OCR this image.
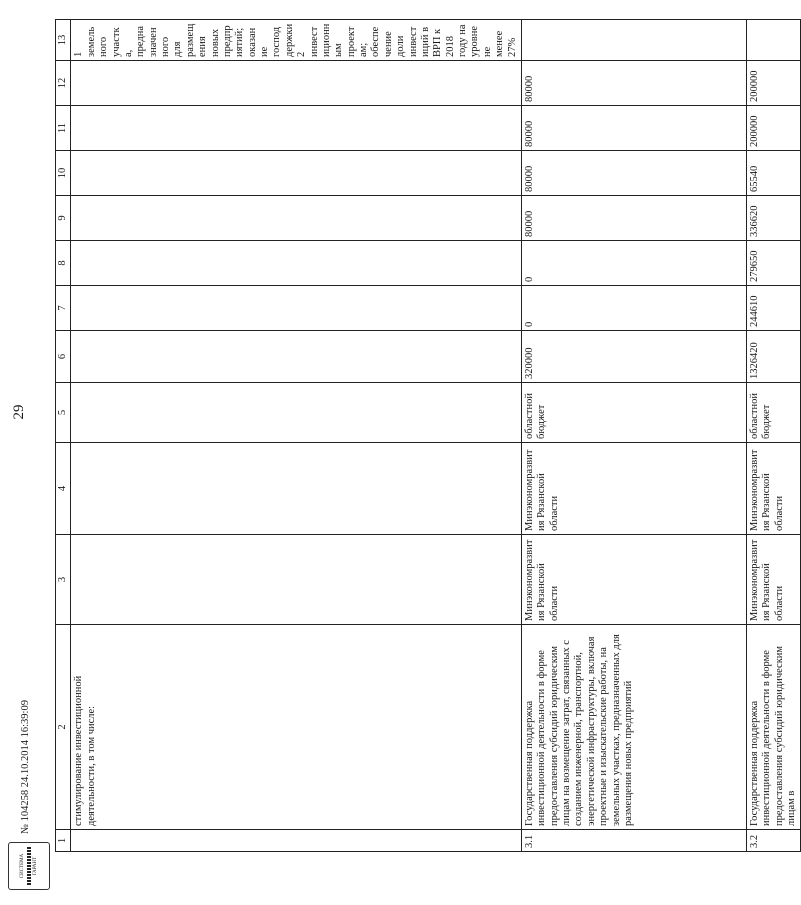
29
1	2	3	4	5	6	7	8	9	10	11	12	13
	стимулирование инвестиционной деятельности, в том числе:											1 земельного участка, предназначенного для размещения новых предприятий; оказание господдержки 2 инвестиционным проектам; обеспечение доли инвестиций в ВРП к 2018 году на уровне не менее 27%
3.1	Государственная поддержка инвестиционной деятельности в форме предоставления субсидий юридическим лицам на возмещение затрат, связанных с созданием инженерной, транспортной, энергетической инфраструктуры, включая проектные и изыскательские работы, на земельных участках, предназначенных для размещения новых предприятий	Минэкономразвития Рязанской области	Минэкономразвития Рязанской области	областной бюджет	320000	0	0	80000	80000	80000	80000	
3.2	Государственная поддержка инвестиционной деятельности в форме предоставления субсидий юридическим лицам в	Минэкономразвития Рязанской области	Минэкономразвития Рязанской области	областной бюджет	1326420	244610	279650	336620	65540	200000	200000	
СИСТЕМА ГАРАНТ
№ 104258 24.10.2014 16:39:09
